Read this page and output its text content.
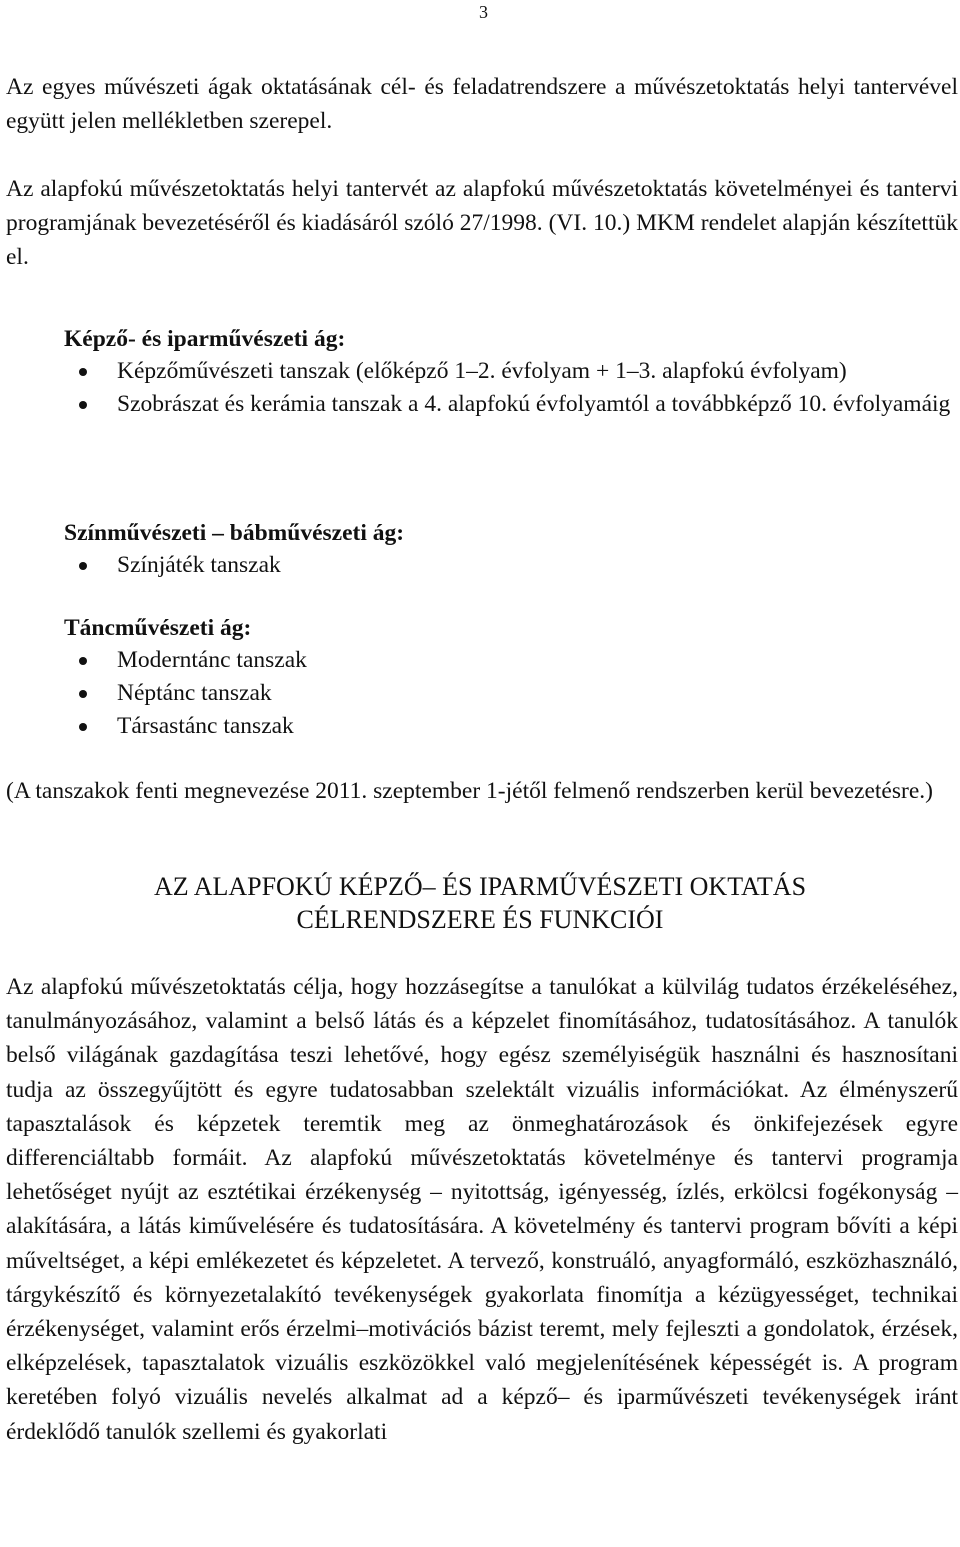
3

Az egyes művészeti ágak oktatásának cél- és feladatrendszere a művészetoktatás helyi tantervével együtt jelen mellékletben szerepel.

Az alapfokú művészetoktatás helyi tantervét az alapfokú művészetoktatás követelményei és tantervi programjának bevezetéséről és kiadásáról szóló 27/1998. (VI. 10.) MKM rendelet alapján készítettük el.

Képző- és iparművészeti ág:

Képzőművészeti tanszak (előképző 1–2. évfolyam + 1–3. alapfokú évfolyam)
Szobrászat és kerámia tanszak a 4. alapfokú évfolyamtól a továbbképző 10. évfolyamáig

Színművészeti – bábművészeti ág:

Színjáték tanszak

Táncművészeti ág:

Moderntánc tanszak
Néptánc tanszak
Társastánc tanszak

(A tanszakok fenti megnevezése 2011. szeptember 1-jétől felmenő rendszerben kerül bevezetésre.)

AZ ALAPFOKÚ KÉPZŐ– ÉS IPARMŰVÉSZETI OKTATÁS
CÉLRENDSZERE ÉS FUNKCIÓI

Az alapfokú művészetoktatás célja, hogy hozzásegítse a tanulókat a külvilág tudatos érzékeléséhez, tanulmányozásához, valamint a belső látás és a képzelet finomításához, tudatosításához. A tanulók belső világának gazdagítása teszi lehetővé, hogy egész személyiségük használni és hasznosítani tudja az összegyűjtött és egyre tudatosabban szelektált vizuális információkat. Az élményszerű tapasztalások és képzetek teremtik meg az önmeghatározások és önkifejezések egyre differenciáltabb formáit. Az alapfokú művészetoktatás követelménye és tantervi programja lehetőséget nyújt az esztétikai érzékenység – nyitottság, igényesség, ízlés, erkölcsi fogékonyság – alakítására, a látás kiművelésére és tudatosítására. A követelmény és tantervi program bővíti a képi műveltséget, a képi emlékezetet és képzeletet. A tervező, konstruáló, anyagformáló, eszközhasználó, tárgykészítő és környezetalakító tevékenységek gyakorlata finomítja a kézügyességet, technikai érzékenységet, valamint erős érzelmi–motivációs bázist teremt, mely fejleszti a gondolatok, érzések, elképzelések, tapasztalatok vizuális eszközökkel való megjelenítésének képességét is. A program keretében folyó vizuális nevelés alkalmat ad a képző– és iparművészeti tevékenységek iránt érdeklődő tanulók szellemi és gyakorlati
